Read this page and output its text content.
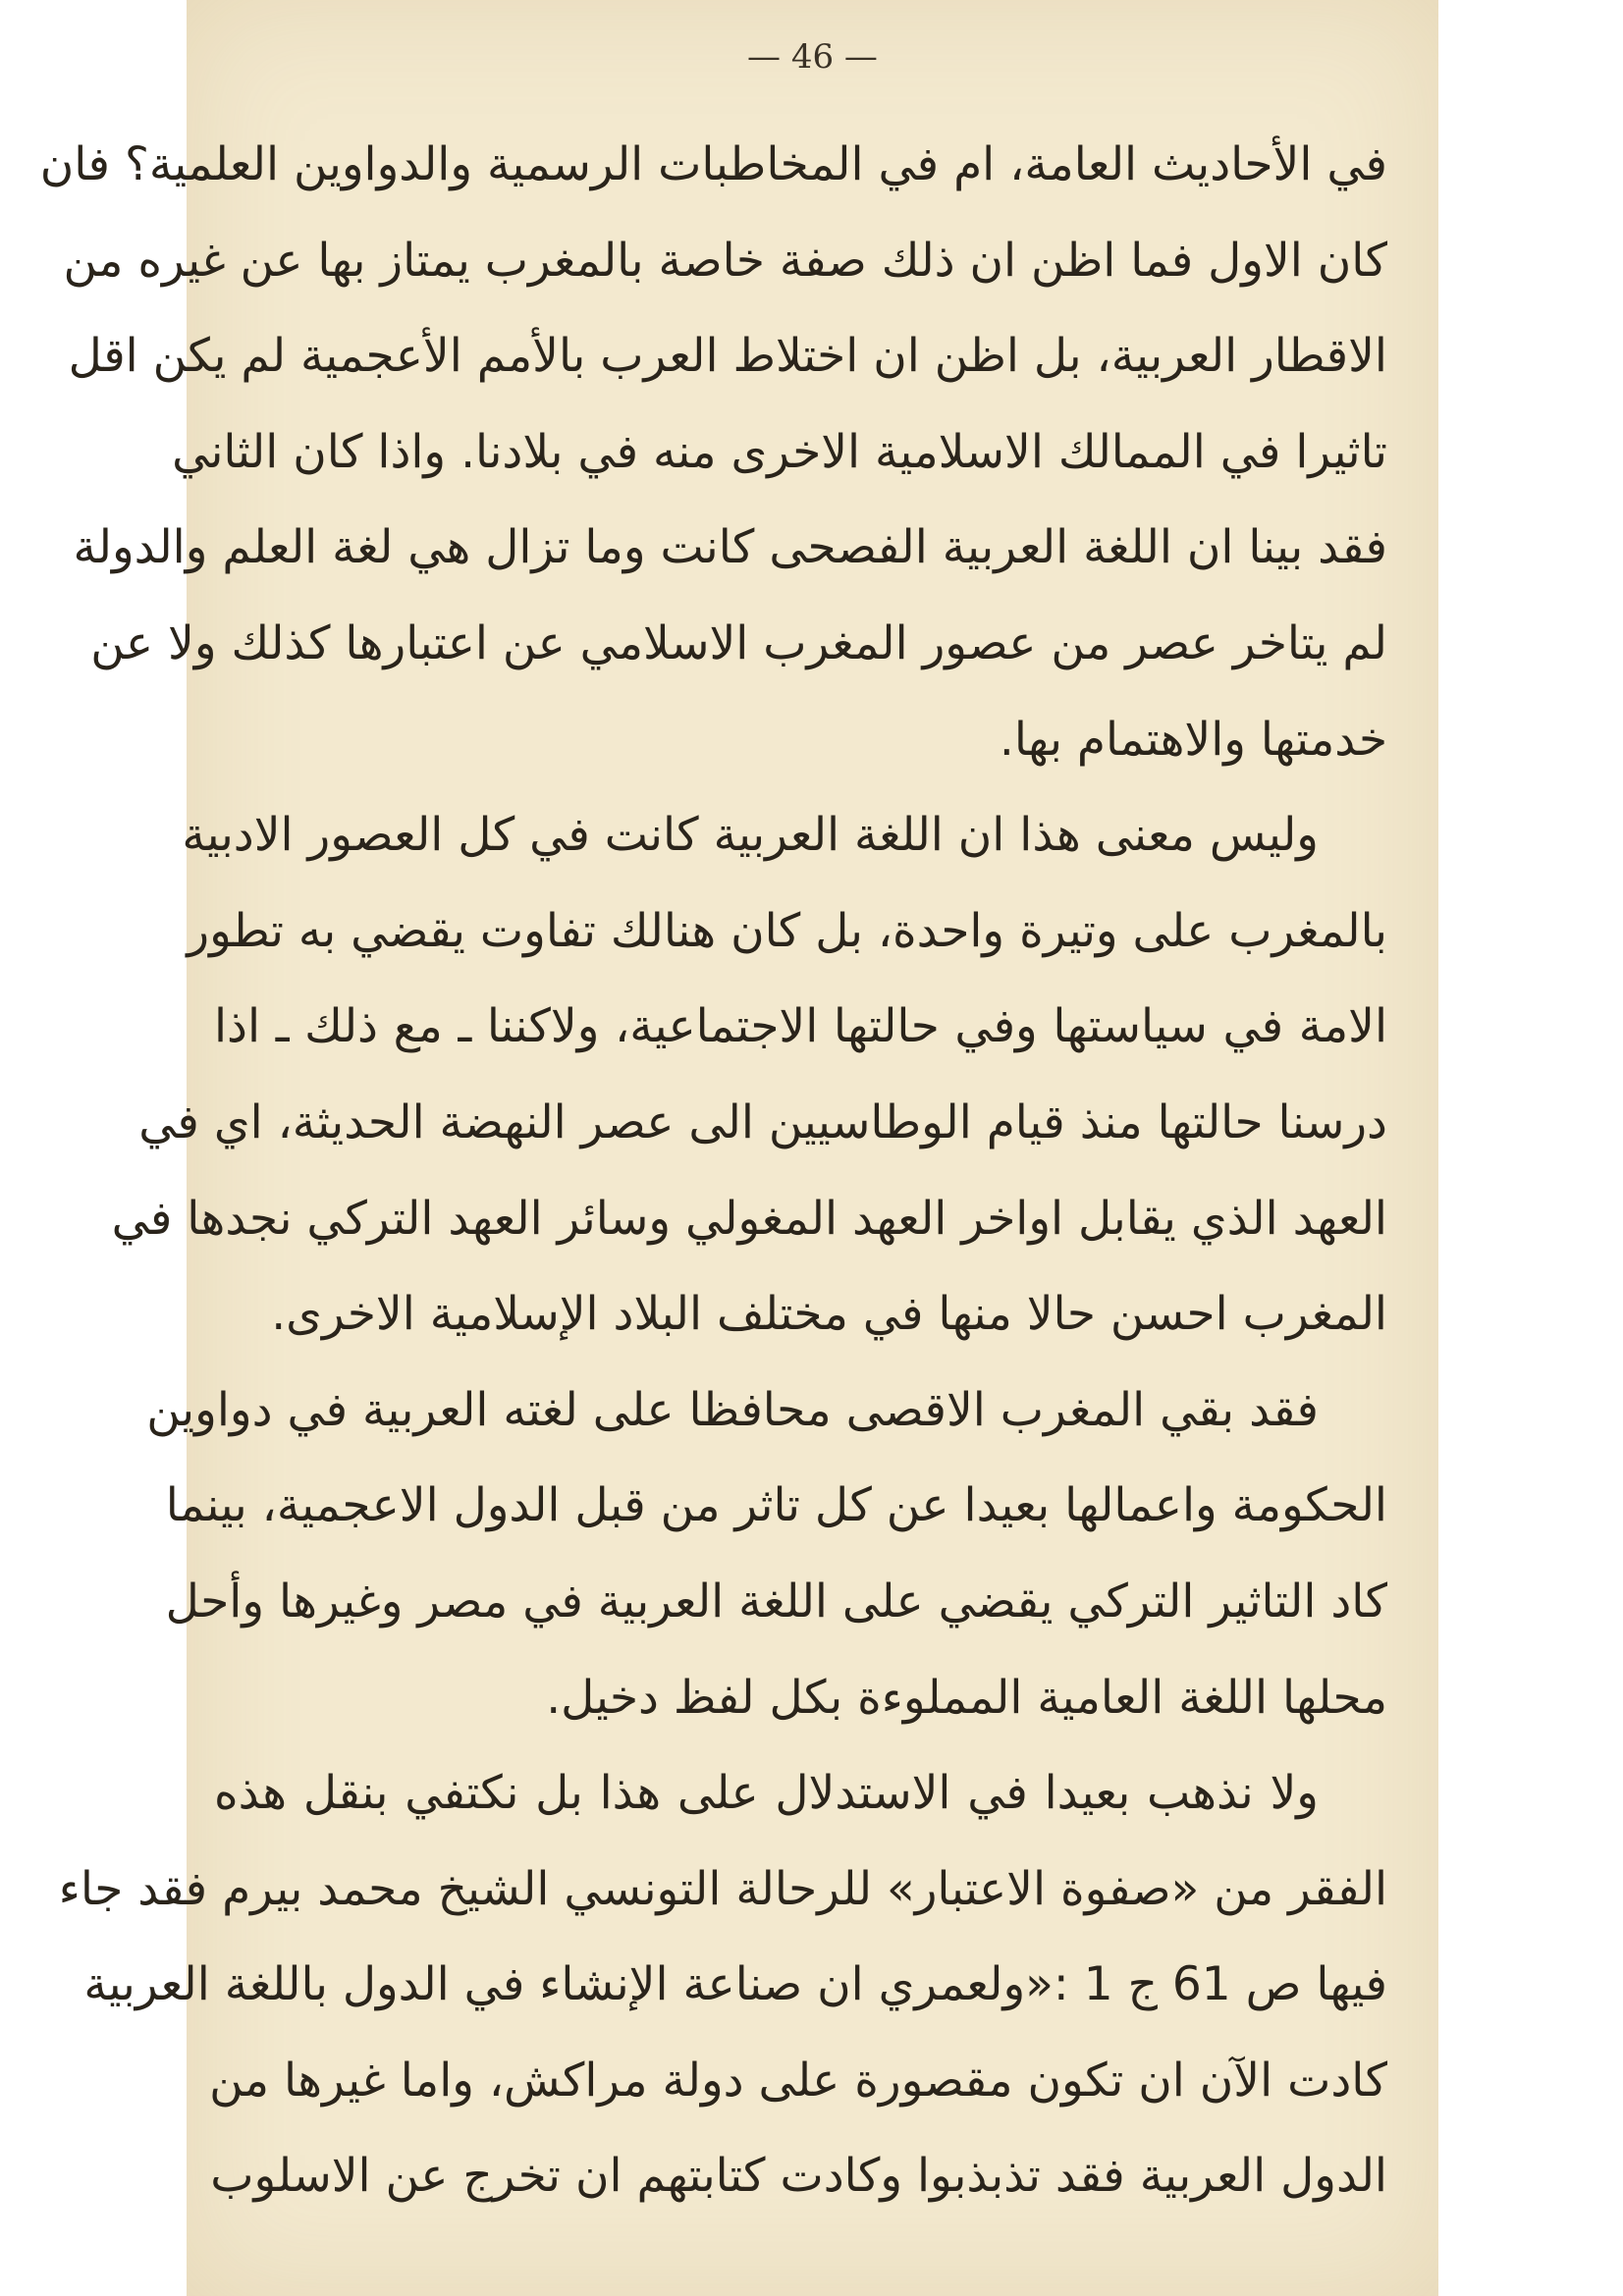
— 46 —
في الأحاديث العامة، ام في المخاطبات الرسمية والدواوين العلمية؟ فان
كان الاول فما اظن ان ذلك صفة خاصة بالمغرب يمتاز بها عن غيره من
الاقطار العربية، بل اظن ان اختلاط العرب بالأمم الأعجمية لم يكن اقل
تاثيرا في الممالك الاسلامية الاخرى منه في بلادنا. واذا كان الثاني
فقد بينا ان اللغة العربية الفصحى كانت وما تزال هي لغة العلم والدولة
لم يتاخر عصر من عصور المغرب الاسلامي عن اعتبارها كذلك ولا عن
خدمتها والاهتمام بها.
وليس معنى هذا ان اللغة العربية كانت في كل العصور الادبية
بالمغرب على وتيرة واحدة، بل كان هنالك تفاوت يقضي به تطور
الامة في سياستها وفي حالتها الاجتماعية، ولاكننا ـ مع ذلك ـ اذا
درسنا حالتها منذ قيام الوطاسيين الى عصر النهضة الحديثة، اي في
العهد الذي يقابل اواخر العهد المغولي وسائر العهد التركي نجدها في
المغرب احسن حالا منها في مختلف البلاد الإسلامية الاخرى.
فقد بقي المغرب الاقصى محافظا على لغته العربية في دواوين
الحكومة واعمالها بعيدا عن كل تاثر من قبل الدول الاعجمية، بينما
كاد التاثير التركي يقضي على اللغة العربية في مصر وغيرها وأحل
محلها اللغة العامية المملوءة بكل لفظ دخيل.
ولا نذهب بعيدا في الاستدلال على هذا بل نكتفي بنقل هذه
الفقر من «صفوة الاعتبار» للرحالة التونسي الشيخ محمد بيرم فقد جاء
فيها ص 61 ج 1 :«ولعمري ان صناعة الإنشاء في الدول باللغة العربية
كادت الآن ان تكون مقصورة على دولة مراكش، واما غيرها من
الدول العربية فقد تذبذبوا وكادت كتابتهم ان تخرج عن الاسلوب
